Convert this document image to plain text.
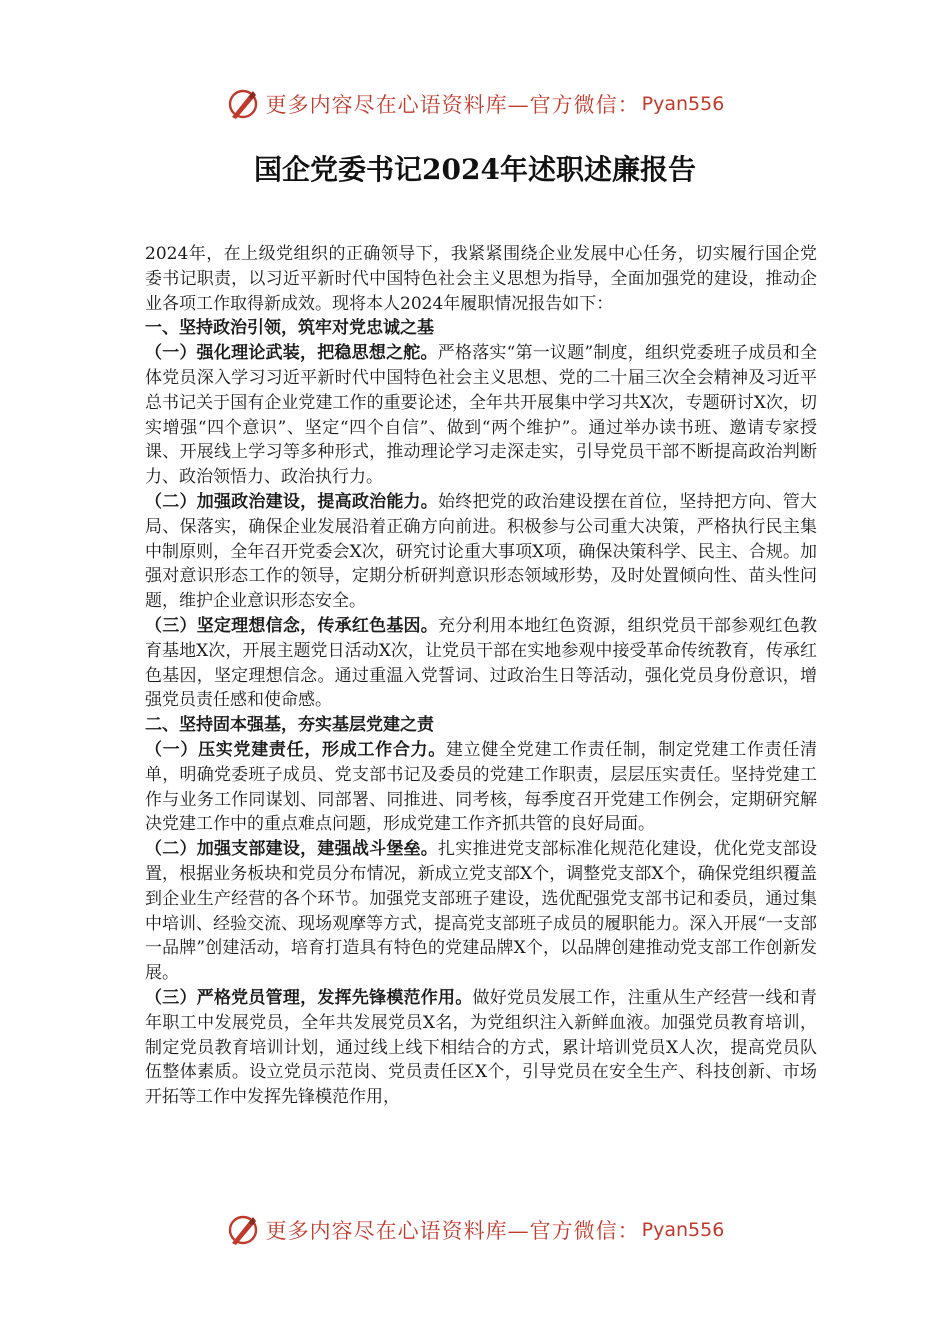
更多内容尽在心语资料库—官方微信： Pyan556
国企党委书记2024年述职述廉报告

2024年，在上级党组织的正确领导下，我紧紧围绕企业发展中心任务，切实履行国企党委书记职责，以习近平新时代中国特色社会主义思想为指导，全面加强党的建设，推动企业各项工作取得新成效。现将本人2024年履职情况报告如下：

一、坚持政治引领，筑牢对党忠诚之基

（一）强化理论武装，把稳思想之舵。严格落实“第一议题”制度，组织党委班子成员和全体党员深入学习习近平新时代中国特色社会主义思想、党的二十届三次全会精神及习近平总书记关于国有企业党建工作的重要论述，全年共开展集中学习共X次，专题研讨X次，切实增强“四个意识”、坚定“四个自信”、做到“两个维护”。通过举办读书班、邀请专家授课、开展线上学习等多种形式，推动理论学习走深走实，引导党员干部不断提高政治判断力、政治领悟力、政治执行力。

（二）加强政治建设，提高政治能力。始终把党的政治建设摆在首位，坚持把方向、管大局、保落实，确保企业发展沿着正确方向前进。积极参与公司重大决策，严格执行民主集中制原则，全年召开党委会X次，研究讨论重大事项X项，确保决策科学、民主、合规。加强对意识形态工作的领导，定期分析研判意识形态领域形势，及时处置倾向性、苗头性问题，维护企业意识形态安全。

（三）坚定理想信念，传承红色基因。充分利用本地红色资源，组织党员干部参观红色教育基地X次，开展主题党日活动X次，让党员干部在实地参观中接受革命传统教育，传承红色基因，坚定理想信念。通过重温入党誓词、过政治生日等活动，强化党员身份意识，增强党员责任感和使命感。

二、坚持固本强基，夯实基层党建之责

（一）压实党建责任，形成工作合力。建立健全党建工作责任制，制定党建工作责任清单，明确党委班子成员、党支部书记及委员的党建工作职责，层层压实责任。坚持党建工作与业务工作同谋划、同部署、同推进、同考核，每季度召开党建工作例会，定期研究解决党建工作中的重点难点问题，形成党建工作齐抓共管的良好局面。

（二）加强支部建设，建强战斗堡垒。扎实推进党支部标准化规范化建设，优化党支部设置，根据业务板块和党员分布情况，新成立党支部X个，调整党支部X个，确保党组织覆盖到企业生产经营的各个环节。加强党支部班子建设，选优配强党支部书记和委员，通过集中培训、经验交流、现场观摩等方式，提高党支部班子成员的履职能力。深入开展“一支部一品牌”创建活动，培育打造具有特色的党建品牌X个，以品牌创建推动党支部工作创新发展。

（三）严格党员管理，发挥先锋模范作用。做好党员发展工作，注重从生产经营一线和青年职工中发展党员，全年共发展党员X名，为党组织注入新鲜血液。加强党员教育培训，制定党员教育培训计划，通过线上线下相结合的方式，累计培训党员X人次，提高党员队伍整体素质。设立党员示范岗、党员责任区X个，引导党员在安全生产、科技创新、市场开拓等工作中发挥先锋模范作用，

更多内容尽在心语资料库—官方微信： Pyan556
